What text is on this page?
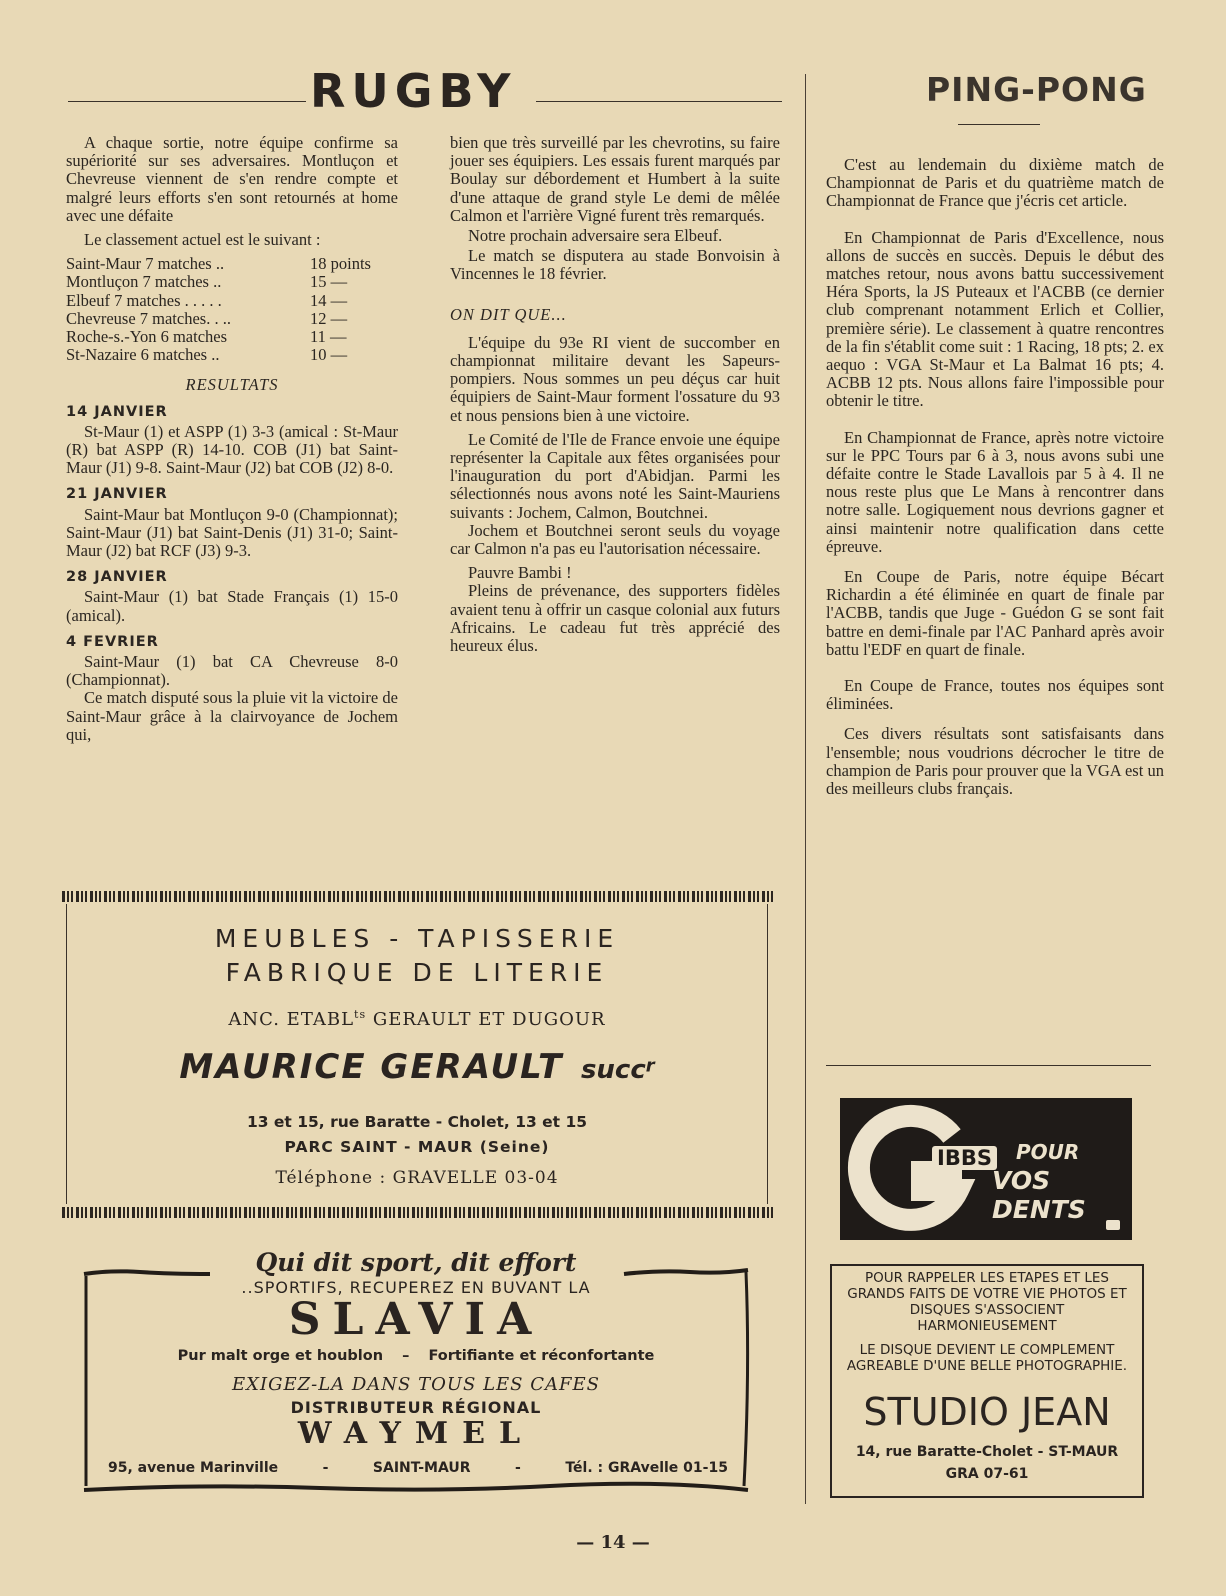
RUGBY

A chaque sortie, notre équipe confirme sa supériorité sur ses adversaires. Montluçon et Chevreuse viennent de s'en rendre compte et malgré leurs efforts s'en sont retournés at home avec une défaite

Le classement actuel est le suivant :

Saint-Maur 7 matches ..	18 points
Montluçon 7 matches ..	15 —
Elbeuf 7 matches . . . . .	14 —
Chevreuse 7 matches. . ..	12 —
Roche-s.-Yon 6 matches	11 —
St-Nazaire 6 matches ..	10 —
RESULTATS
14 JANVIER

St-Maur (1) et ASPP (1) 3-3 (amical : St-Maur (R) bat ASPP (R) 14-10. COB (J1) bat Saint-Maur (J1) 9-8. Saint-Maur (J2) bat COB (J2) 8-0.

21 JANVIER

Saint-Maur bat Montluçon 9-0 (Championnat); Saint-Maur (J1) bat Saint-Denis (J1) 31-0; Saint-Maur (J2) bat RCF (J3) 9-3.

28 JANVIER

Saint-Maur (1) bat Stade Français (1) 15-0 (amical).

4 FEVRIER

Saint-Maur (1) bat CA Chevreuse 8-0 (Championnat).

Ce match disputé sous la pluie vit la victoire de Saint-Maur grâce à la clairvoyance de Jochem qui,

bien que très surveillé par les chevrotins, su faire jouer ses équipiers. Les essais furent marqués par Boulay sur débordement et Humbert à la suite d'une attaque de grand style Le demi de mêlée Calmon et l'arrière Vigné furent très remarqués.

Notre prochain adversaire sera Elbeuf.

Le match se disputera au stade Bonvoisin à Vincennes le 18 février.

ON DIT QUE...

L'équipe du 93e RI vient de succomber en championnat militaire devant les Sapeurs-pompiers. Nous sommes un peu déçus car huit équipiers de Saint-Maur forment l'ossature du 93 et nous pensions bien à une victoire.

Le Comité de l'Ile de France envoie une équipe représenter la Capitale aux fêtes organisées pour l'inauguration du port d'Abidjan. Parmi les sélectionnés nous avons noté les Saint-Mauriens suivants : Jochem, Calmon, Boutchnei.

Jochem et Boutchnei seront seuls du voyage car Calmon n'a pas eu l'autorisation nécessaire.

Pauvre Bambi !

Pleins de prévenance, des supporters fidèles avaient tenu à offrir un casque colonial aux futurs Africains. Le cadeau fut très apprécié des heureux élus.

PING-PONG

C'est au lendemain du dixième match de Championnat de Paris et du quatrième match de Championnat de France que j'écris cet article.

En Championnat de Paris d'Excellence, nous allons de succès en succès. Depuis le début des matches retour, nous avons battu successivement Héra Sports, la JS Puteaux et l'ACBB (ce dernier club comprenant notamment Erlich et Collier, première série). Le classement à quatre rencontres de la fin s'établit come suit : 1 Racing, 18 pts; 2. ex aequo : VGA St-Maur et La Balmat 16 pts; 4. ACBB 12 pts. Nous allons faire l'impossible pour obtenir le titre.

En Championnat de France, après notre victoire sur le PPC Tours par 6 à 3, nous avons subi une défaite contre le Stade Lavallois par 5 à 4. Il ne nous reste plus que Le Mans à rencontrer dans notre salle. Logiquement nous devrions gagner et ainsi maintenir notre qualification dans cette épreuve.

En Coupe de Paris, notre équipe Bécart Richardin a été éliminée en quart de finale par l'ACBB, tandis que Juge - Guédon G se sont fait battre en demi-finale par l'AC Panhard après avoir battu l'EDF en quart de finale.

En Coupe de France, toutes nos équipes sont éliminées.

Ces divers résultats sont satisfaisants dans l'ensemble; nous voudrions décrocher le titre de champion de Paris pour prouver que la VGA est un des meilleurs clubs français.

MEUBLES - TAPISSERIE
FABRIQUE DE LITERIE
ANC. $ETABL^{ts}$ GERAULT ET DUGOUR
MAURICE GERAULT succ$^r$
13 et 15, rue Baratte - Cholet, 13 et 15
PARC SAINT - MAUR (Seine)
Téléphone : GRAVELLE 03-04
Qui dit sport, dit effort
..SPORTIFS, RECUPEREZ EN BUVANT LA
SLAVIA
Pur malt orge et houblon – Fortifiante et réconfortante
EXIGEZ-LA DANS TOUS LES CAFES
DISTRIBUTEUR RÉGIONAL
WAYMEL
95, avenue Marinville	-	SAINT-MAUR	-	Tél. : GRAvelle 01-15
IBBS POUR
VOS DENTS
POUR RAPPELER LES ETAPES ET LES GRANDS FAITS DE VOTRE VIE PHOTOS ET DISQUES S'ASSOCIENT HARMONIEUSEMENT
LE DISQUE DEVIENT LE COMPLEMENT AGREABLE D'UNE BELLE PHOTOGRAPHIE.
STUDIO JEAN
14, rue Baratte-Cholet - ST-MAUR
GRA 07-61
— 14 —
